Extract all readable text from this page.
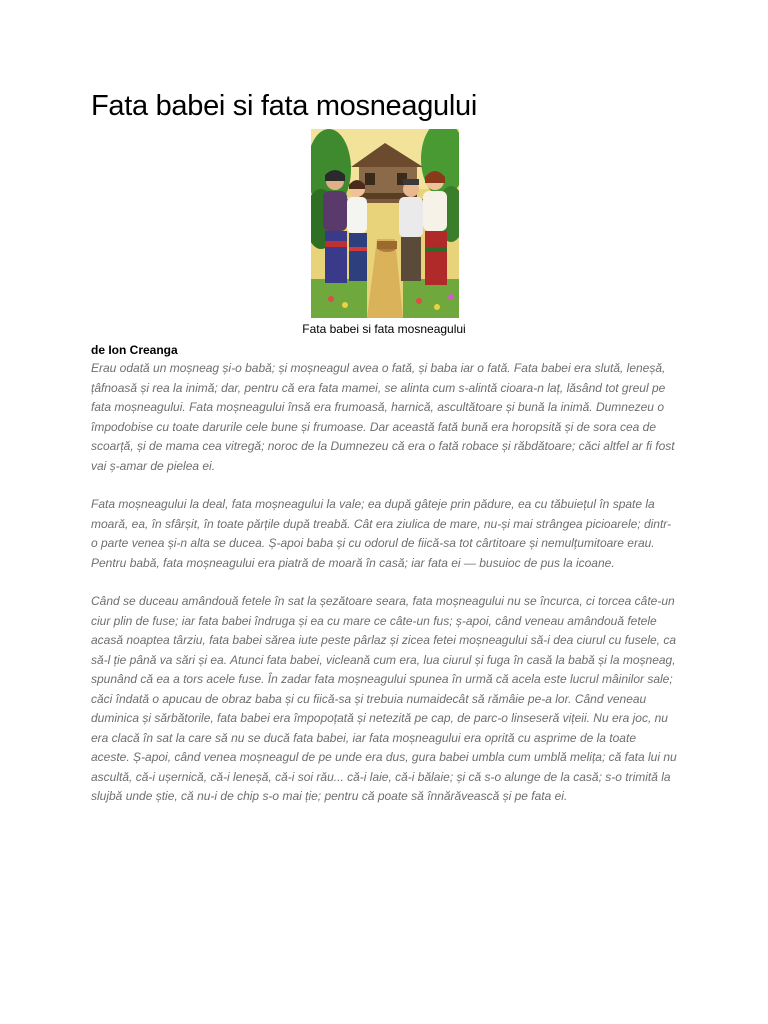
Fata babei si fata mosneagului
Fata babei si fata mosneagului
de Ion Creanga

Erau odată un moșneag și-o babă; și moșneagul avea o fată, și baba iar o fată. Fata babei era slută, leneșă, țâfnoasă și rea la inimă; dar, pentru că era fata mamei, se alinta cum s-alintă cioara-n laț, lăsând tot greul pe fata moșneagului. Fata moșneagului însă era frumoasă, harnică, ascultătoare și bună la inimă. Dumnezeu o împodobise cu toate darurile cele bune și frumoase. Dar această fată bună era horopsită și de sora cea de scoarță, și de mama cea vitregă; noroc de la Dumnezeu că era o fată robace și răbdătoare; căci altfel ar fi fost vai ș-amar de pielea ei.

Fata moșneagului la deal, fata moșneagului la vale; ea după gâteje prin pădure, ea cu tăbuiețul în spate la moară, ea, în sfârșit, în toate părțile după treabă. Cât era ziulica de mare, nu-și mai strângea picioarele; dintr-o parte venea și-n alta se ducea. Ș-apoi baba și cu odorul de fiică-sa tot cârtitoare și nemulțumitoare erau. Pentru babă, fata moșneagului era piatră de moară în casă; iar fata ei — busuioc de pus la icoane.

Când se duceau amândouă fetele în sat la șezătoare seara, fata moșneagului nu se încurca, ci torcea câte-un ciur plin de fuse; iar fata babei îndruga și ea cu mare ce câte-un fus; ș-apoi, când veneau amândouă fetele acasă noaptea târziu, fata babei sărea iute peste pârlaz și zicea fetei moșneagului să-i dea ciurul cu fusele, ca să-l ție până va sări și ea. Atunci fata babei, vicleană cum era, lua ciurul și fuga în casă la babă și la moșneag, spunând că ea a tors acele fuse. În zadar fata moșneagului spunea în urmă că acela este lucrul mâinilor sale; căci îndată o apucau de obraz baba și cu fiică-sa și trebuia numaidecât să rămâie pe-a lor. Când veneau duminica și sărbătorile, fata babei era împopoțată și netezită pe cap, de parc-o linseseră vițeii. Nu era joc, nu era clacă în sat la care să nu se ducă fata babei, iar fata moșneagului era oprită cu asprime de la toate aceste. Ș-apoi, când venea moșneagul de pe unde era dus, gura babei umbla cum umblă melița; că fata lui nu ascultă, că-i ușernică, că-i leneșă, că-i soi rău... că-i laie, că-i bălaie; și că s-o alunge de la casă; s-o trimită la slujbă unde știe, că nu-i de chip s-o mai ție; pentru că poate să înnărăvească și pe fata ei.
